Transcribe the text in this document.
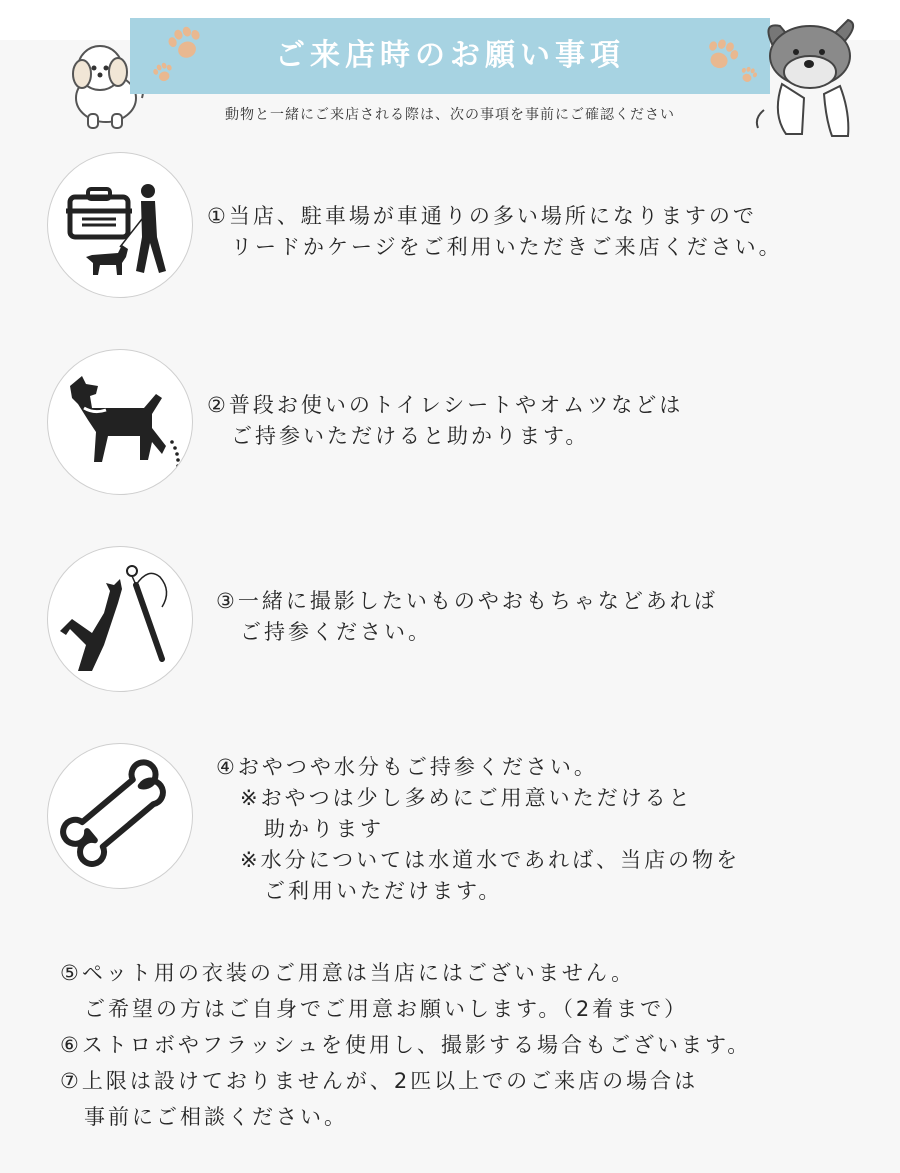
ご来店時のお願い事項
動物と一緒にご来店される際は、次の事項を事前にご確認ください
①当店、駐車場が車通りの多い場所になりますので
　リードかケージをご利用いただきご来店ください。
②普段お使いのトイレシートやオムツなどは
　ご持参いただけると助かります。
③一緒に撮影したいものやおもちゃなどあれば
　ご持参ください。
④おやつや水分もご持参ください。
　※おやつは少し多めにご用意いただけると
　　助かります
　※水分については水道水であれば、当店の物を
　　ご利用いただけます。
⑤ペット用の衣装のご用意は当店にはございません。
　ご希望の方はご自身でご用意お願いします。（2着まで）
⑥ストロボやフラッシュを使用し、撮影する場合もございます。
⑦上限は設けておりませんが、2匹以上でのご来店の場合は
　事前にご相談ください。
